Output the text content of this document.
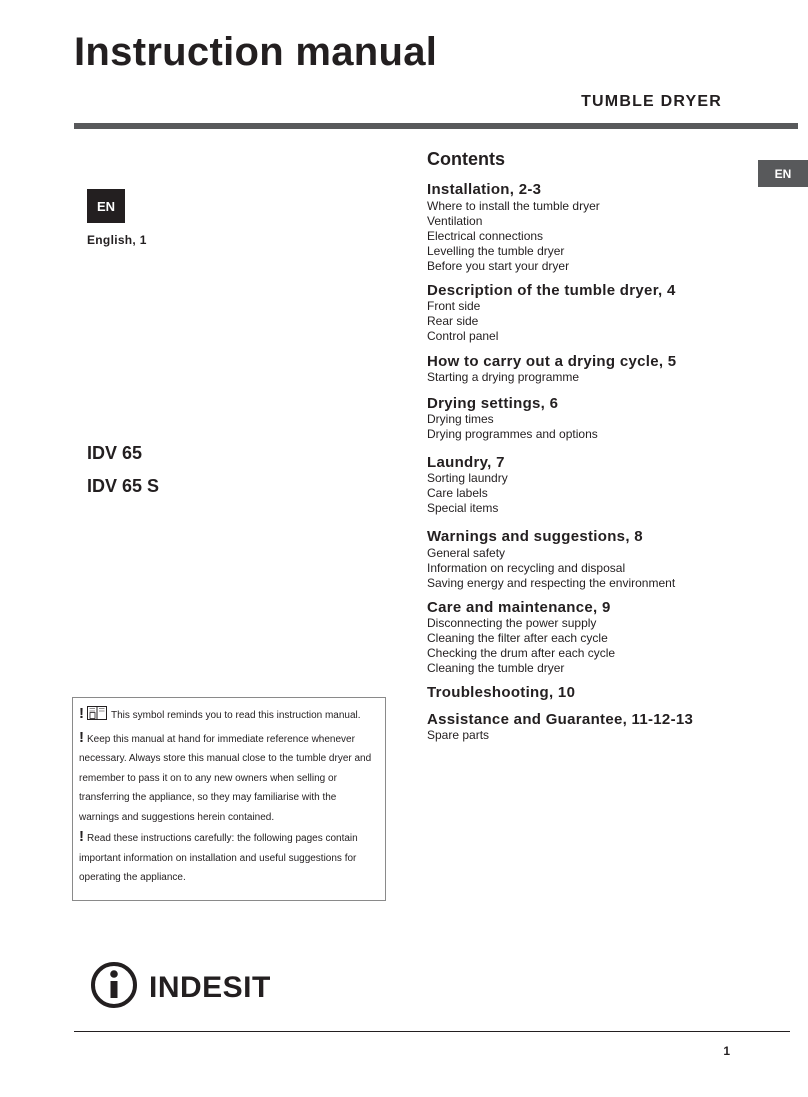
Instruction manual
TUMBLE DRYER
EN
EN
English, 1
IDV 65
IDV 65 S
Contents
Installation, 2-3
Where to install the tumble dryer
Ventilation
Electrical connections
Levelling the tumble dryer
Before you start your dryer
Description of the tumble dryer, 4
Front side
Rear side
Control panel
How to carry out a drying cycle, 5
Starting a drying programme
Drying settings, 6
Drying times
Drying programmes and options
Laundry, 7
Sorting laundry
Care labels
Special items
Warnings and suggestions, 8
General safety
Information on recycling and disposal
Saving energy and respecting the environment
Care and maintenance, 9
Disconnecting the power supply
Cleaning the filter after each cycle
Checking the drum after each cycle
Cleaning the tumble dryer
Troubleshooting, 10
Assistance and Guarantee, 11-12-13
Spare parts
!	This symbol reminds you to read this instruction manual.
! Keep this manual at hand for immediate reference whenever necessary. Always store this manual close to the tumble dryer and remember to pass it on to any new owners when selling or transferring the appliance, so they may familiarise with the warnings and suggestions herein contained.
! Read these instructions carefully: the following pages contain important information on installation and useful suggestions for operating the appliance.
INDESIT
1
